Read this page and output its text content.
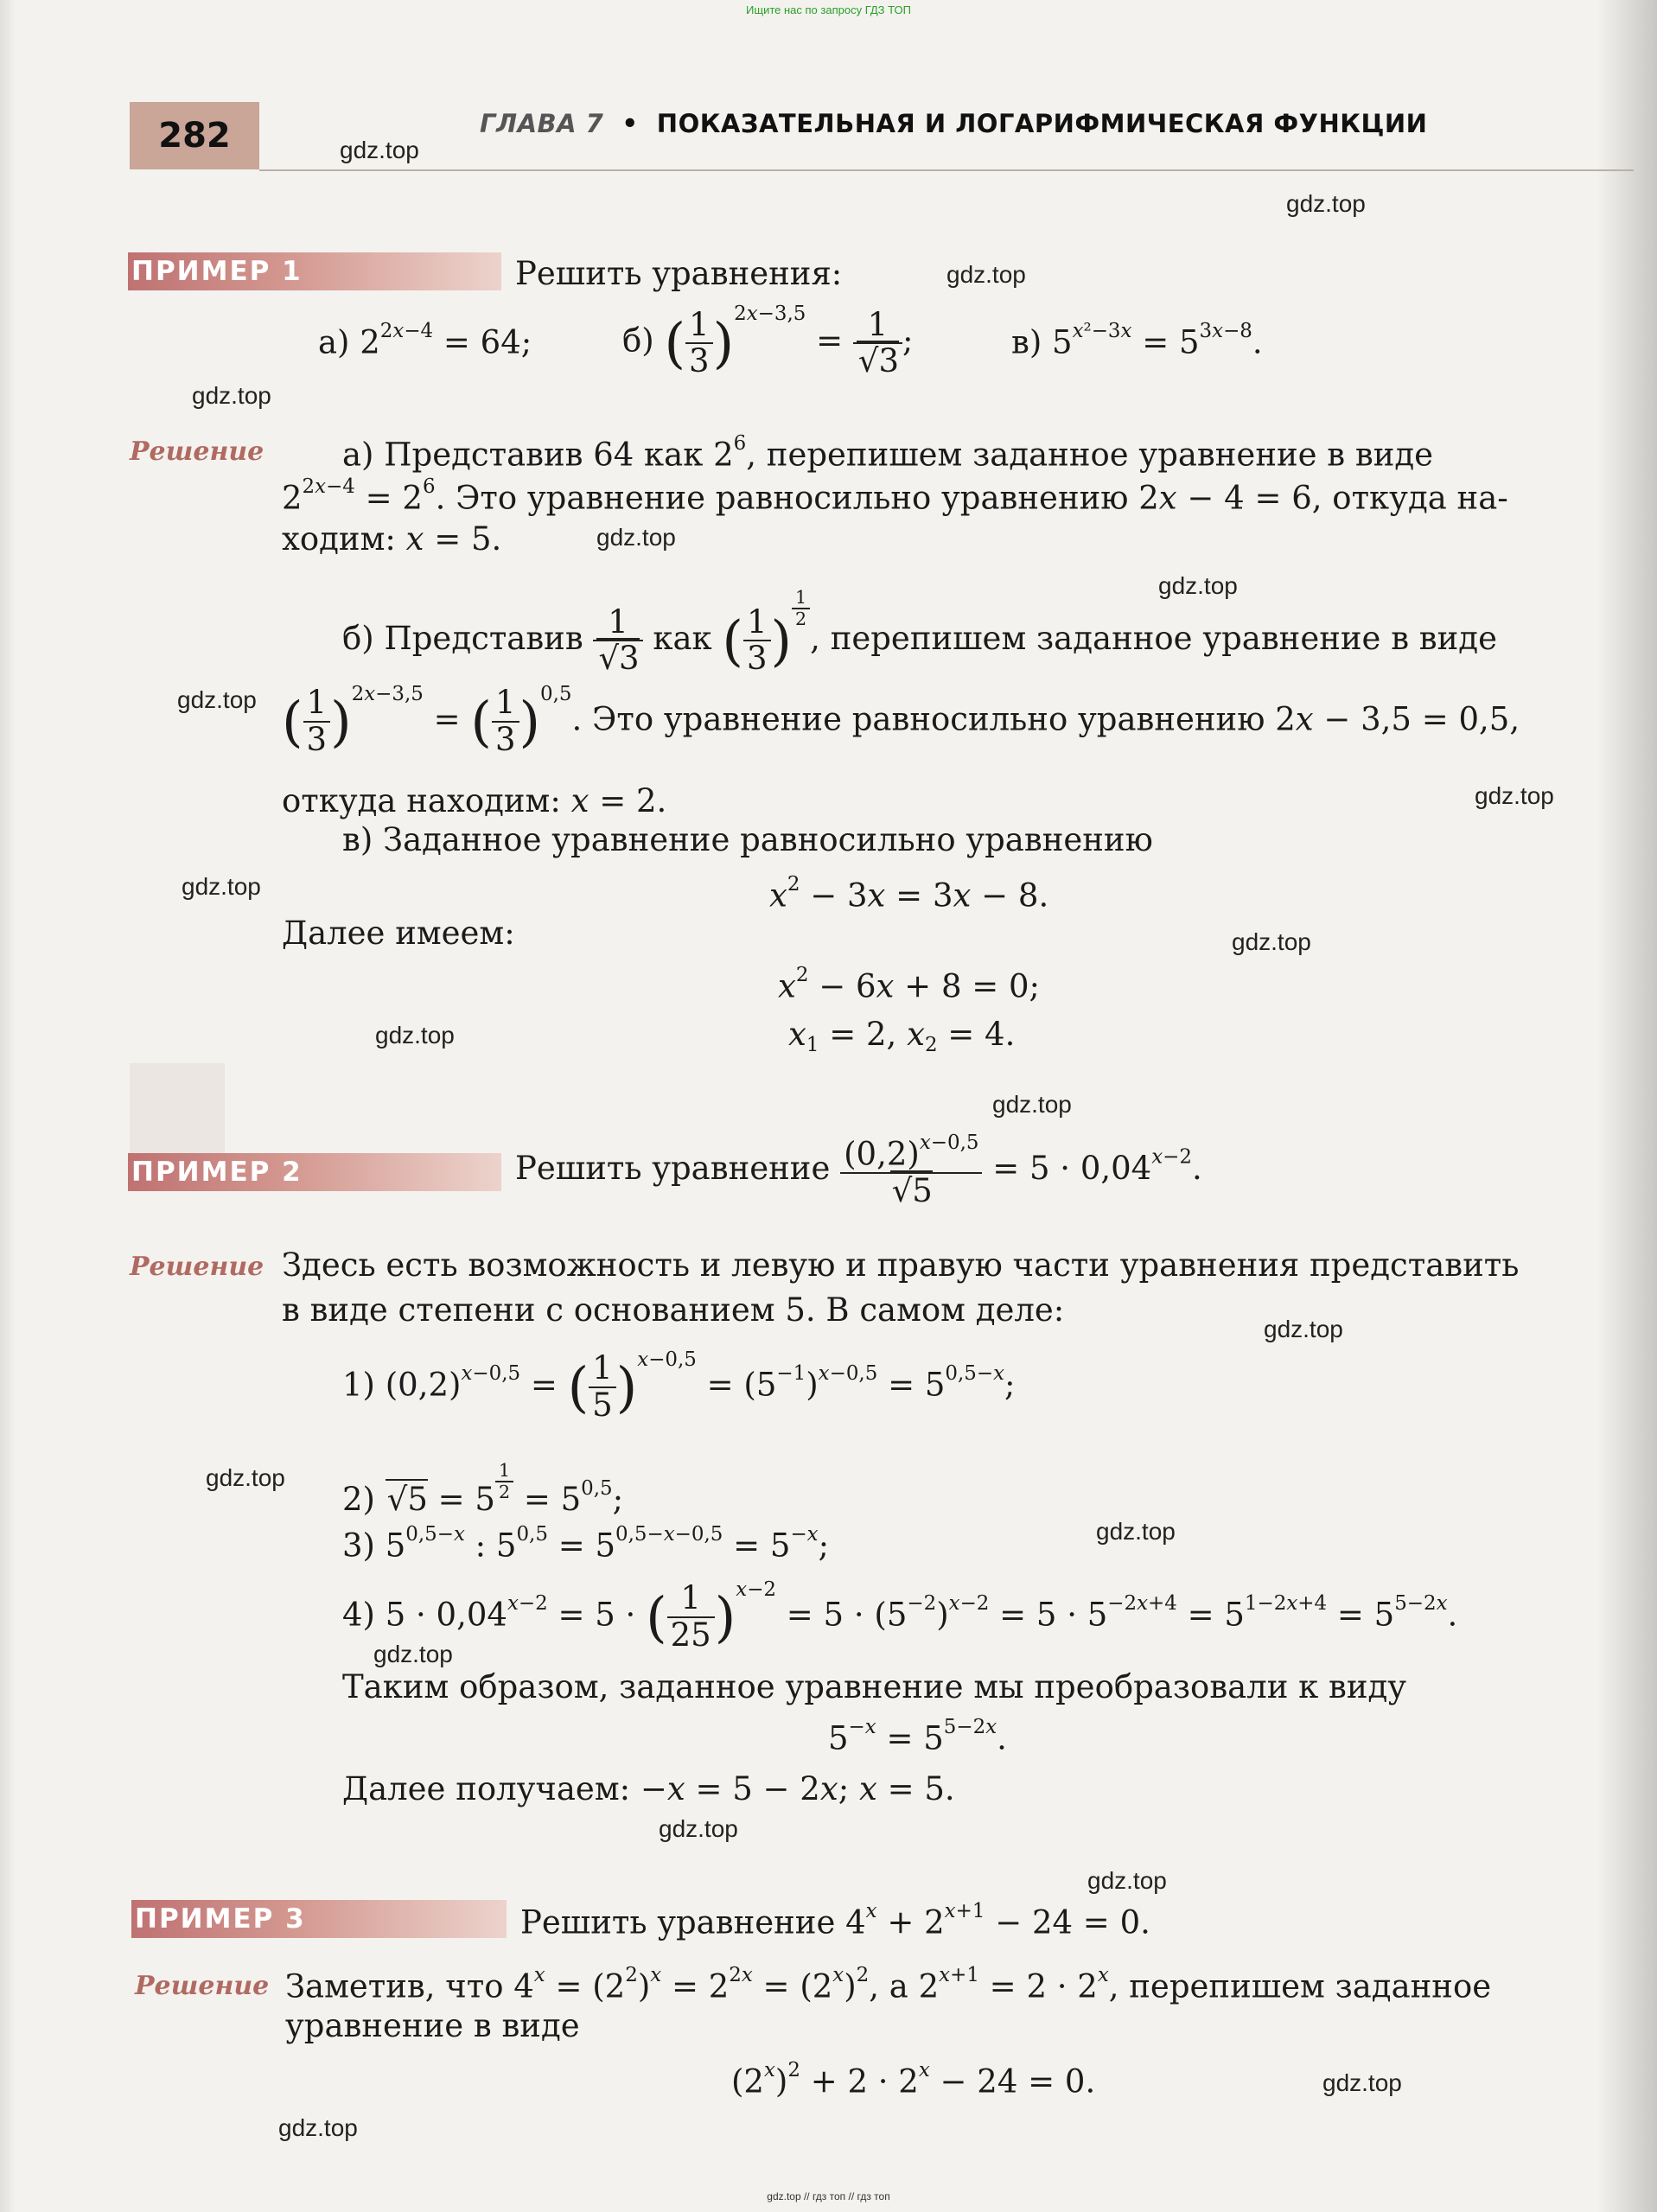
Ищите нас по запросу ГДЗ ТОП
282	ГЛАВА 7  •  ПОКАЗАТЕЛЬНАЯ И ЛОГАРИФМИЧЕСКАЯ ФУНКЦИИ
ПРИМЕР 1	Решить уравнения:
а) $2^{2x-4} = 64$;	б) ( $\frac{1}{3} )^{2x-3,5} = \frac{1}{√3}$ ;	в) $5^{x^2-3x} = 5^{3x-8}$.
Решение а) Представив 64 как $2^6$, перепишем заданное уравнение в виде
$2^{2x-4} = 2^6$. Это уравнение равносильно уравнению 2x − 4 = 6, откуда на-
ходим: x = 5.
б) Представив $\frac{1}{√3}$ как ( $\frac{1}{3}$ )
$^{\frac{1}{2}}$
, перепишем заданное уравнение в виде
( $\frac{1}{3} )^{2x-3,5}$ = ( $\frac{1}{3} )^{0,5}$. Это уравнение равносильно уравнению 2x − 3,5 = 0,5,
откуда находим: x = 2.
в) Заданное уравнение равносильно уравнению
$x^2 - 3x = 3x - 8$.
Далее имеем:
$x^2 - 6x + 8 = 0$;
$x_1 = 2$, $x_2 = 4$.
ПРИМЕР 2	Решить уравнение $\frac{(0,2)^{x-0,5}}{√5} = 5 \cdot 0,04^{x-2}$.
Решение Здесь есть возможность и левую и правую части уравнения представить
в виде степени с основанием 5. В самом деле:
1) $(0,2)^{x-0,5}$ = ( $\frac{1}{5} )^{x-0,5} = (5^{-1})^{x-0,5} = 5^{0,5-x}$;
2) √5 = 5 $^{\frac{1}{2}} = 5^{0,5}$;
3) $5^{0,5-x}$ : $5^{0,5} = 5^{0,5-x-0,5} = 5^{-x}$;
4) $5 \cdot 0,04^{x-2} = 5$ · ( $\frac{1}{25} )^{x-2} = 5 \cdot (5^{-2})^{x-2} = 5 \cdot 5^{-2x+4} = 5^{1-2x+4} = 5^{5-2x}$.
Таким образом, заданное уравнение мы преобразовали к виду
$5^{-x} = 5^{5-2x}$.
Далее получаем: −x = 5 − 2x; x = 5.
ПРИМЕР 3	Решить уравнение $4^x + 2^{x+1} - 24 = 0$.
Решение Заметив, что $4^x = (2^2)^x = 2^{2x} = (2^x)^2$, а $2^{x+1} = 2 \cdot 2^x$, перепишем заданное
уравнение в виде
$(2^x)^2 + 2 \cdot 2^x - 24 = 0$.
gdz.top
gdz.top
gdz.top
gdz.top
gdz.top
gdz.top
gdz.top
gdz.top
gdz.top
gdz.top
gdz.top
gdz.top
gdz.top
gdz.top
gdz.top
gdz.top
gdz.top
gdz.top
gdz.top
gdz.top
gdz.top // гдз топ // гдз топ
